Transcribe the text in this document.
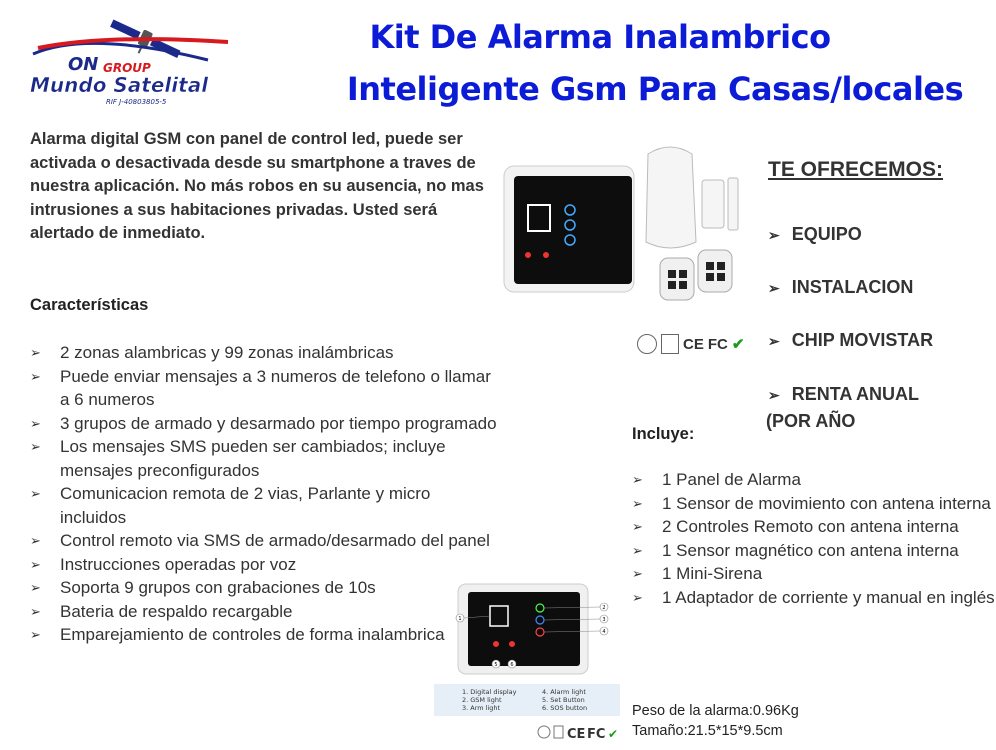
ON GROUP
Mundo Satelital
RIF J-40803805-5
Kit De Alarma Inalambrico
Inteligente Gsm Para Casas/locales
Alarma digital GSM con panel de control led, puede ser activada o desactivada desde su smartphone a traves de nuestra aplicación. No más robos en su ausencia, no mas intrusiones a sus habitaciones privadas. Usted será alertado de inmediato.
Características
➢ 2 zonas alambricas y 99 zonas inalámbricas
➢ Puede enviar mensajes a 3 numeros de telefono o llamar a 6 numeros
➢ 3 grupos de armado y desarmado por tiempo programado
➢ Los mensajes SMS pueden ser cambiados; incluye mensajes preconfigurados
➢ Comunicacion remota de 2 vias, Parlante y micro incluidos
➢ Control remoto via SMS de armado/desarmado del panel
➢ Instrucciones operadas por voz
➢ Soporta 9 grupos con grabaciones de 10s
➢ Bateria de respaldo recargable
➢ Emparejamiento de controles de forma inalambrica
CE FC ✔
TE OFRECEMOS:
➢ EQUIPO
➢ INSTALACION
➢ CHIP MOVISTAR
➢ RENTA ANUAL
(POR AÑO
Incluye:
➢ 1 Panel de Alarma
➢ 1 Sensor de movimiento con antena interna
➢ 2 Controles Remoto con antena interna
➢ 1 Sensor magnético con antena interna
➢ 1 Mini-Sirena
➢ 1 Adaptador de corriente y manual en inglés
Peso de la alarma:0.96Kg
Tamaño:21.5*15*9.5cm
1
2
3
4
5	6
1. Digital display
2. GSM light
3. Arm light
4. Alarm light
5. Set Button
6. SOS button
CE FC ✔
